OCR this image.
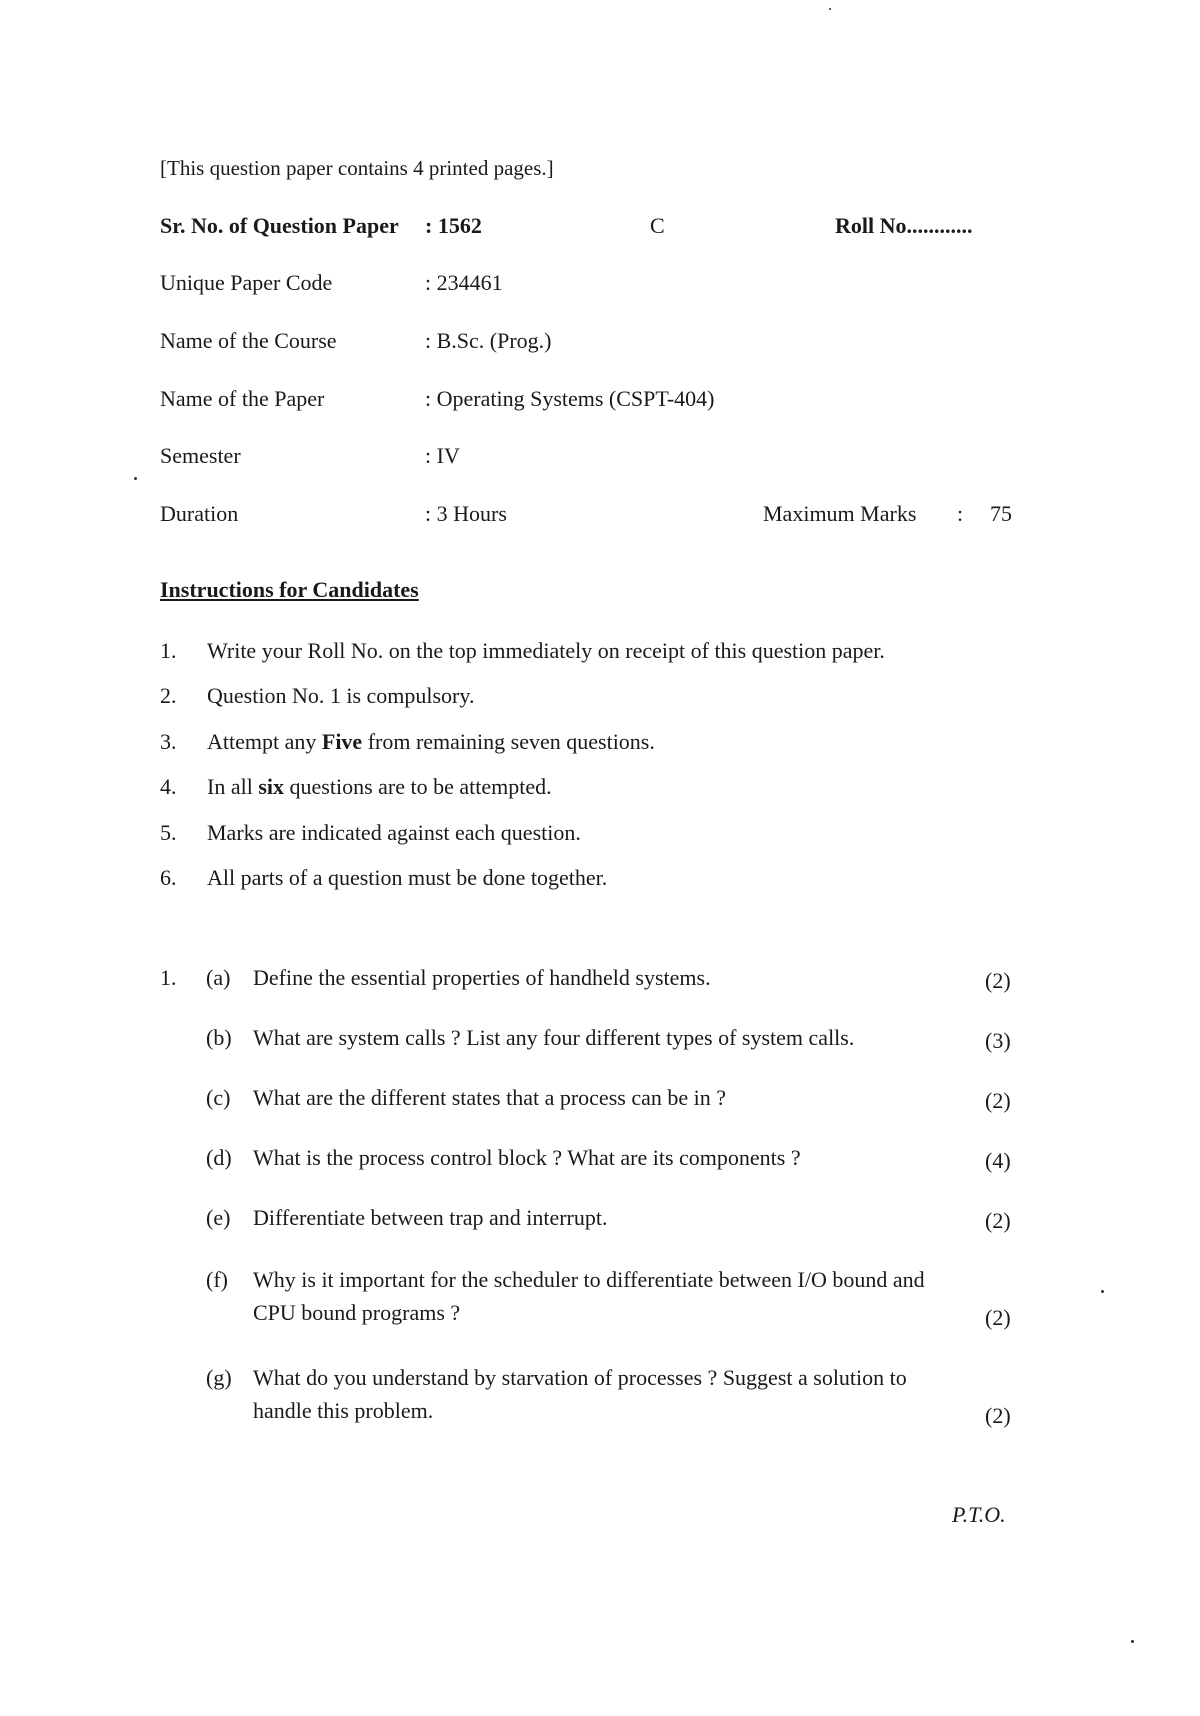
[This question paper contains 4 printed pages.]
Sr. No. of Question Paper : 1562	C	Roll No............
Unique Paper Code	: 234461
Name of the Course	: B.Sc. (Prog.)
Name of the Paper	: Operating Systems (CSPT-404)
Semester	: IV
Duration	: 3 Hours	Maximum Marks : 75
Instructions for Candidates
1. Write your Roll No. on the top immediately on receipt of this question paper.
2. Question No. 1 is compulsory.
3. Attempt any Five from remaining seven questions.
4. In all six questions are to be attempted.
5. Marks are indicated against each question.
6. All parts of a question must be done together.
1. (a) Define the essential properties of handheld systems.	(2)
(b) What are system calls ? List any four different types of system calls.	(3)
(c) What are the different states that a process can be in ?	(2)
(d) What is the process control block ? What are its components ?	(4)
(e) Differentiate between trap and interrupt.	(2)
(f) Why is it important for the scheduler to differentiate between I/O bound and
CPU bound programs ?	(2)
(g) What do you understand by starvation of processes ? Suggest a solution to
handle this problem.	(2)
P.T.O.
